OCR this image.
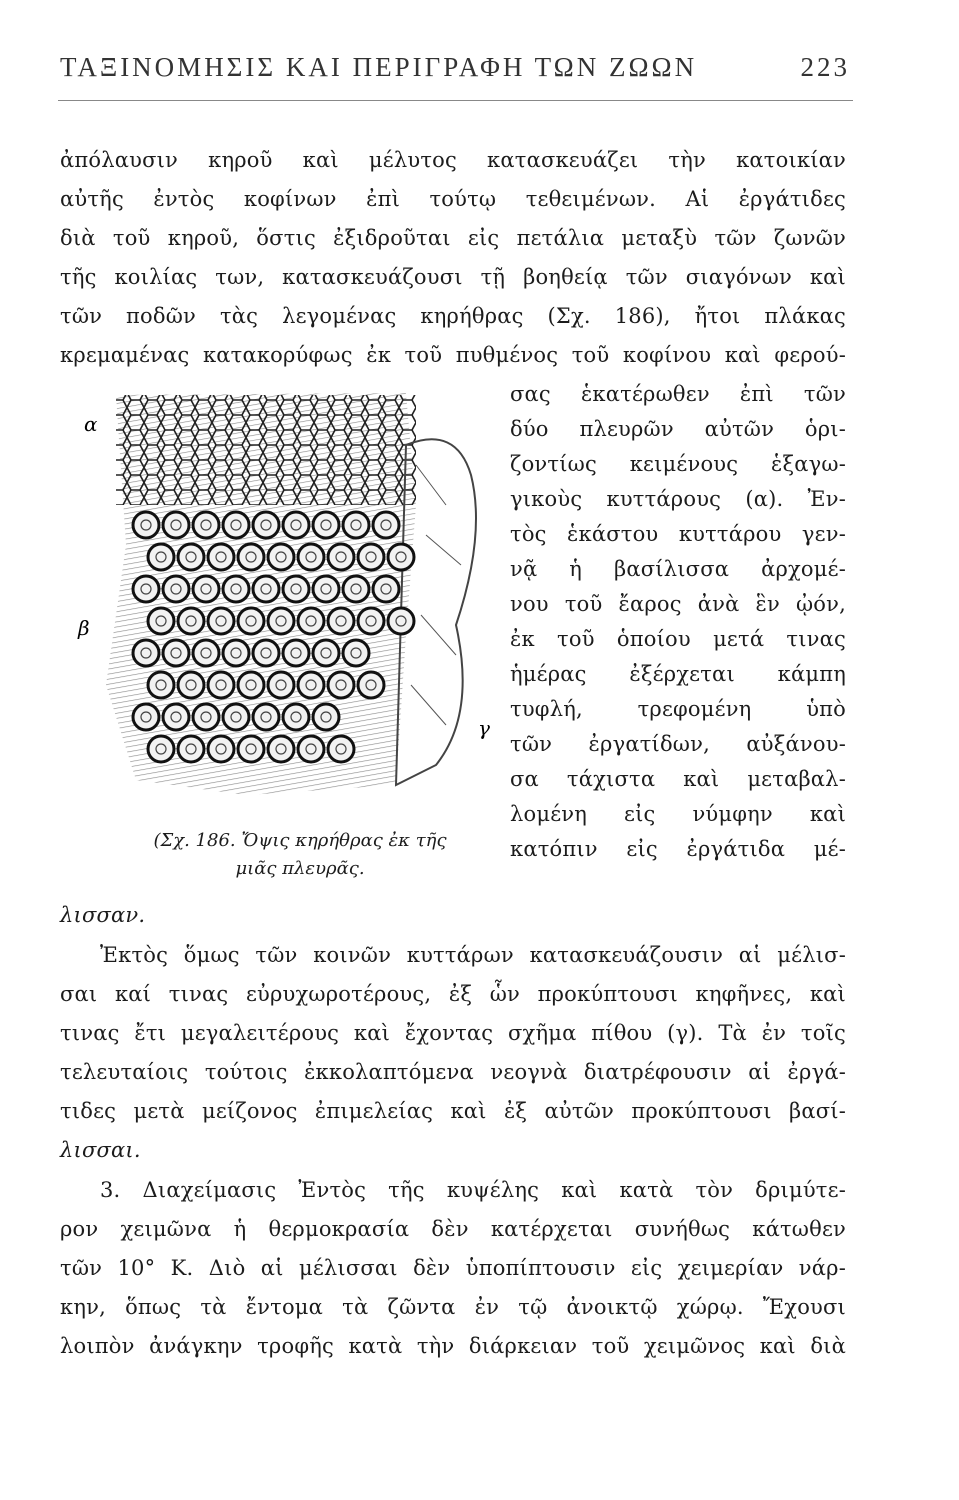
ΤΑΞΙΝΟΜΗΣΙΣ ΚΑΙ ΠΕΡΙΓΡΑΦΗ ΤΩΝ ΖΩΩΝ	223
ἀπόλαυσιν κηροῦ καὶ μέλυτος κατασκευάζει τὴν κατοικίαν
αὐτῆς ἐντὸς κοφίνων ἐπὶ τούτῳ τεθειμένων. Αἱ ἐργάτιδες
διὰ τοῦ κηροῦ, ὅστις ἐξιδροῦται εἰς πετάλια μεταξὺ τῶν ζωνῶν
τῆς κοιλίας των, κατασκευάζουσι τῇ βοηθείᾳ τῶν σιαγόνων καὶ
τῶν ποδῶν τὰς λεγομένας κηρήθρας (Σχ. 186), ἤτοι πλάκας
κρεμαμένας κατακορύφως ἐκ τοῦ πυθμένος τοῦ κοφίνου καὶ φερού-
σας ἑκατέρωθεν ἐπὶ τῶν
δύο πλευρῶν αὐτῶν ὁρι-
ζοντίως κειμένους ἑξαγω-
γικοὺς κυττάρους (α). Ἐν-
τὸς ἑκάστου κυττάρου γεν-
νᾷ ἡ βασίλισσα ἀρχομέ-
νου τοῦ ἔαρος ἀνὰ ἓν ᾠόν,
ἐκ τοῦ ὁποίου μετά τινας
ἡμέρας ἐξέρχεται κάμπη
τυφλή, τρεφομένη ὑπὸ
τῶν ἐργατίδων, αὐξάνου-
σα τάχιστα καὶ μεταβαλ-
λομένη εἰς νύμφην καὶ
κατόπιν εἰς ἐργάτιδα μέ-
α
β
γ
(Σχ. 186. Ὄψις κηρήθρας ἐκ τῆς
μιᾶς πλευρᾶς.
λισσαν.
Ἐκτὸς ὅμως τῶν κοινῶν κυττάρων κατασκευάζουσιν αἱ μέλισ-
σαι καί τινας εὐρυχωροτέρους, ἐξ ὧν προκύπτουσι κηφῆνες, καὶ
τινας ἔτι μεγαλειτέρους καὶ ἔχοντας σχῆμα πίθου (γ). Τὰ ἐν τοῖς
τελευταίοις τούτοις ἐκκολαπτόμενα νεογνὰ διατρέφουσιν αἱ ἐργά-
τιδες μετὰ μείζονος ἐπιμελείας καὶ ἐξ αὐτῶν προκύπτουσι βασί-
λισσαι.
3. Διαχείμασις Ἐντὸς τῆς κυψέλης καὶ κατὰ τὸν δριμύτε-
ρον χειμῶνα ἡ θερμοκρασία δὲν κατέρχεται συνήθως κάτωθεν
τῶν 10° Κ. Διὸ αἱ μέλισσαι δὲν ὑποπίπτουσιν εἰς χειμερίαν νάρ-
κην, ὅπως τὰ ἔντομα τὰ ζῶντα ἐν τῷ ἀνοικτῷ χώρῳ. Ἔχουσι
λοιπὸν ἀνάγκην τροφῆς κατὰ τὴν διάρκειαν τοῦ χειμῶνος καὶ διὰ
